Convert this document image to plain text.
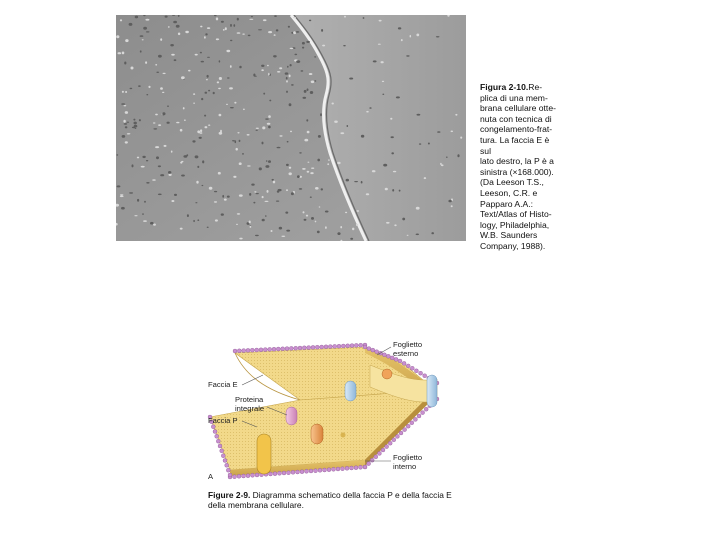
Figura 2-10.Re-
plica di una mem-
brana cellulare otte-
nuta con tecnica di
congelamento-frat-
tura. La faccia E è sul
lato destro, la P è a
sinistra (×168.000).
(Da Leeson T.S.,
Leeson, C.R. e
Papparo A.A.:
Text/Atlas of Histo-
logy, Philadelphia,
W.B. Saunders
Company, 1988).
Foglietto
esterno
Faccia E
Proteina
integrale
Faccia P
Foglietto
interno
A
Figure 2-9. Diagramma schematico della faccia P e della faccia E della membrana cellulare.
